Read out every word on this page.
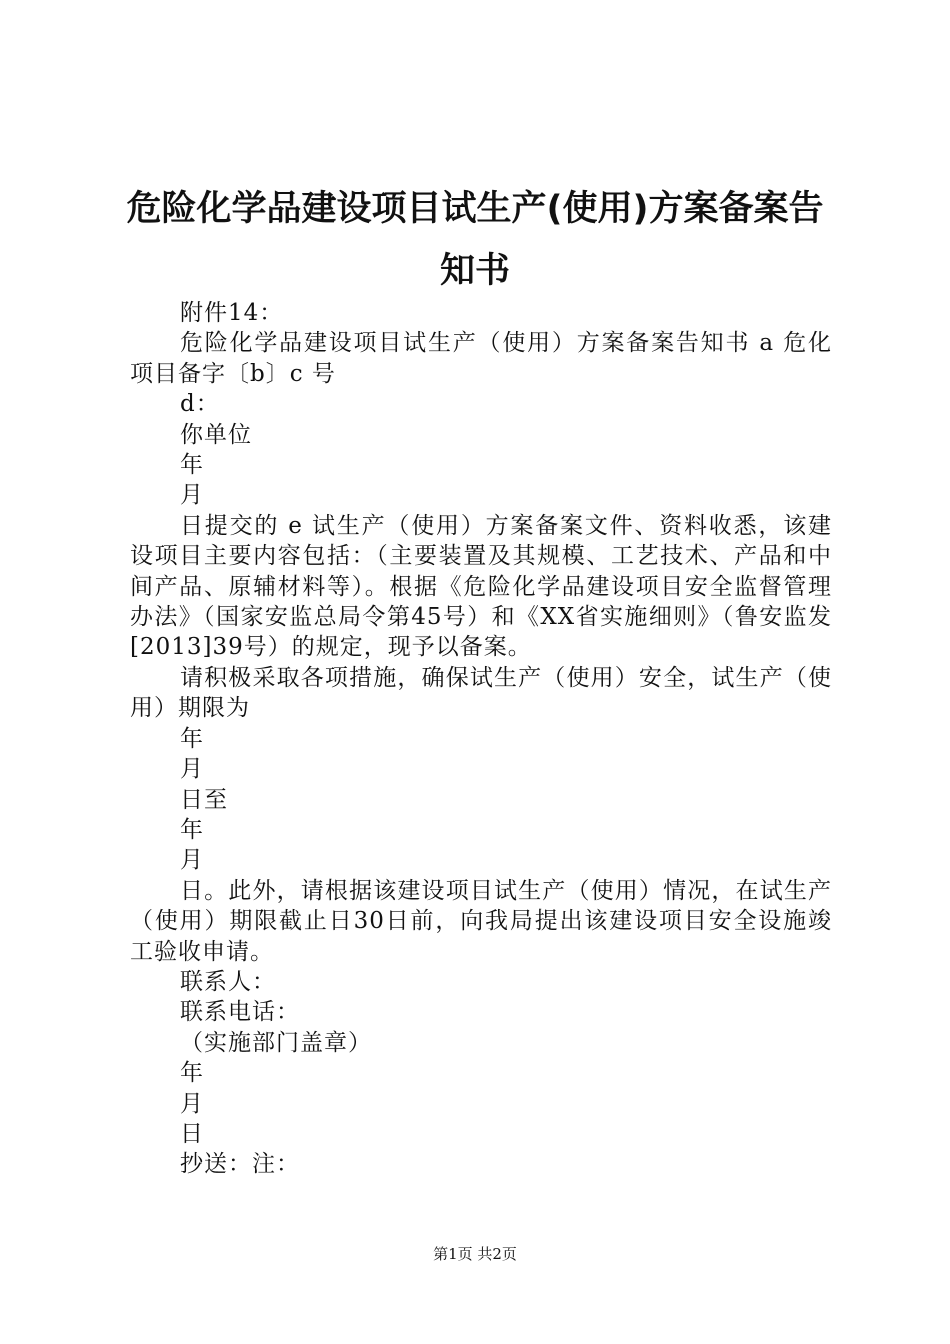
危险化学品建设项目试生产(使用)方案备案告知书

附件14：

危险化学品建设项目试生产（使用）方案备案告知书 a 危化项目备字〔b〕c 号

d：

你单位

年

月

日提交的 e 试生产（使用）方案备案文件、资料收悉，该建设项目主要内容包括：（主要装置及其规模、工艺技术、产品和中间产品、原辅材料等）。根据《危险化学品建设项目安全监督管理办法》（国家安监总局令第45号）和《XX省实施细则》（鲁安监发[2013]39号）的规定，现予以备案。

请积极采取各项措施，确保试生产（使用）安全，试生产（使用）期限为

年

月

日至

年

月

日。此外，请根据该建设项目试生产（使用）情况，在试生产（使用）期限截止日30日前，向我局提出该建设项目安全设施竣工验收申请。

联系人：

联系电话：

（实施部门盖章）

年

月

日

抄送：注：

第1页 共2页
